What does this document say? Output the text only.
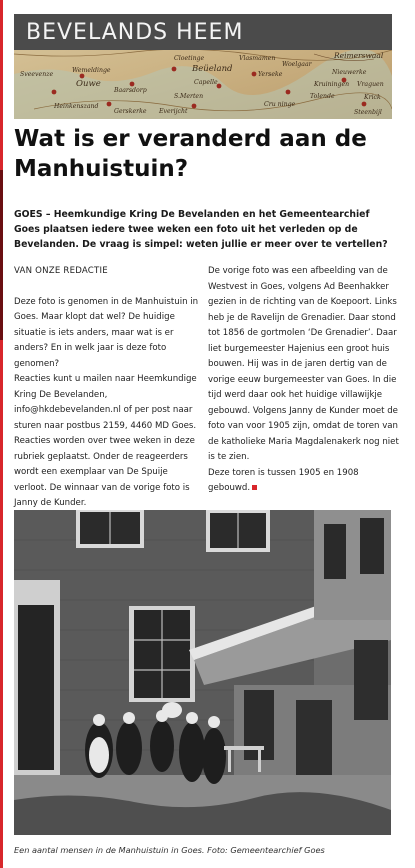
Cloetinge	Vlasmamen
Beüeland
Yerseke
Capelle	Kruiningen
Wemeldinge
Baarsdorp
S.Merten
Ouwe
Sveevenze
Tolende
Woelgaar
Nieuwerke
Vraguen
Heinkenszand
Everijcht
Cru ninge
Gerskerke
Krick
Steenbijl
Reimerswaal
BEVELANDS HEEM
Wat is er veranderd aan de Manhuistuin?

GOES – Heemkundige Kring De Bevelanden en het Gemeentearchief Goes plaatsen iedere twee weken een foto uit het verleden op de Bevelanden. De vraag is simpel: weten jullie er meer over te vertellen?

VAN ONZE REDACTIE

Deze foto is genomen in de Manhuistuin in Goes. Maar klopt dat wel? De huidige situatie is iets anders, maar wat is er anders? En in welk jaar is deze foto genomen?

Reacties kunt u mailen naar Heemkundige Kring De Bevelanden, info@hkdebevelanden.nl of per post naar sturen naar postbus 2159, 4460 MD Goes. Reacties worden over twee weken in deze rubriek geplaatst. Onder de reageerders wordt een exemplaar van De Spuije verloot. De winnaar van de vorige foto is Janny de Kunder.

De vorige foto was een afbeelding van de Westvest in Goes, volgens Ad Beenhakker gezien in de richting van de Koepoort. Links heb je de Ravelijn de Grenadier. Daar stond tot 1856 de gortmolen ‘De Grenadier’. Daar liet burgemeester Hajenius een groot huis bouwen. Hij was in de jaren dertig van de vorige eeuw burgemeester van Goes. In die tijd werd daar ook het huidige villawijkje gebouwd. Volgens Janny de Kunder moet de foto van voor 1905 zijn, omdat de toren van de katholieke Maria Magdalenakerk nog niet is te zien.

Deze toren is tussen 1905 en 1908 gebouwd.

Een aantal mensen in de Manhuistuin in Goes. Foto: Gemeentearchief Goes
